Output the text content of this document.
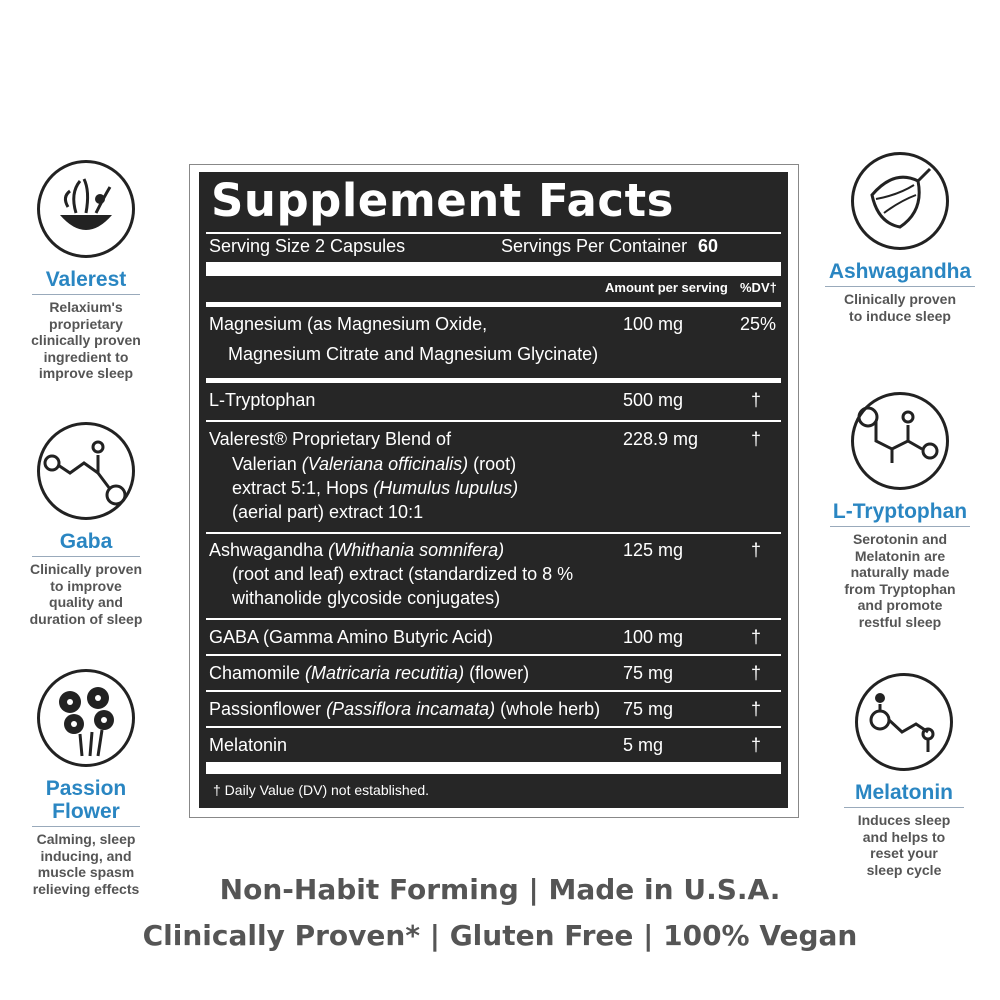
Valerest
Relaxium's
proprietary
clinically proven
ingredient to
improve sleep
Gaba
Clinically proven
to improve
quality and
duration of sleep
Passion
Flower
Calming, sleep
inducing, and
muscle spasm
relieving effects
Ashwagandha
Clinically proven
to induce sleep
L-Tryptophan
Serotonin and
Melatonin are
naturally made
from Tryptophan
and promote
restful sleep
Melatonin
Induces sleep
and helps to
reset your
sleep cycle
Supplement Facts
Serving Size 2 Capsules	Servings Per Container 60
Amount per serving %DV†
Magnesium (as Magnesium Oxide,
Magnesium Citrate and Magnesium Glycinate)
100 mg	25%
L-Tryptophan	500 mg	†
Valerest® Proprietary Blend of
Valerian (Valeriana officinalis) (root)
extract 5:1, Hops (Humulus lupulus)
(aerial part) extract 10:1
228.9 mg	†
Ashwagandha (Whithania somnifera)
(root and leaf) extract (standardized to 8 %
withanolide glycoside conjugates)
125 mg	†
GABA (Gamma Amino Butyric Acid)	100 mg	†
Chamomile (Matricaria recutitia) (flower)	75 mg	†
Passionflower (Passiflora incamata) (whole herb) 75 mg	†
Melatonin	5 mg	†
† Daily Value (DV) not established.
Non-Habit Forming | Made in U.S.A.
Clinically Proven* | Gluten Free | 100% Vegan
